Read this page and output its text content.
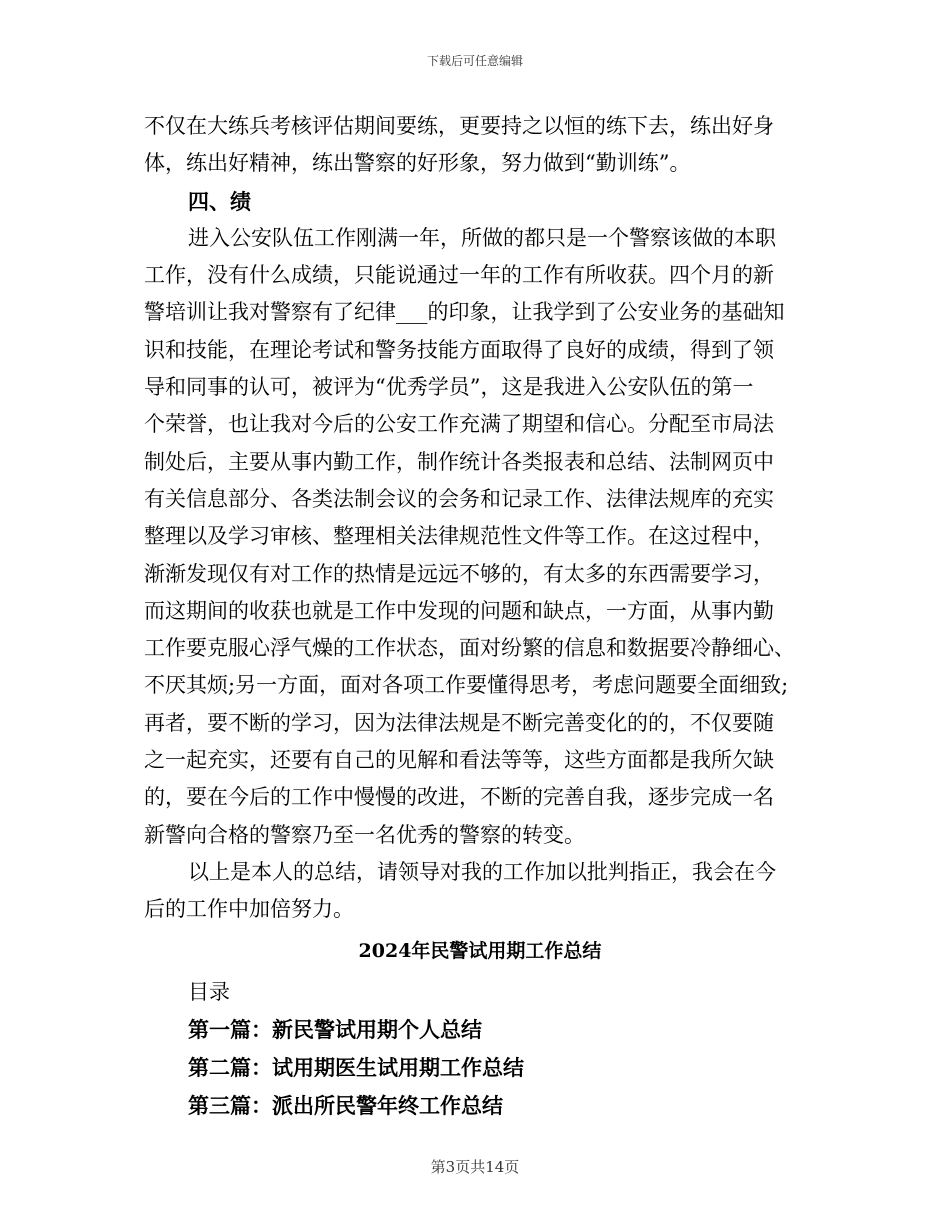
下载后可任意编辑
不仅在大练兵考核评估期间要练，更要持之以恒的练下去，练出好身
体，练出好精神，练出警察的好形象，努力做到“勤训练”。
四、绩
进入公安队伍工作刚满一年，所做的都只是一个警察该做的本职
工作，没有什么成绩，只能说通过一年的工作有所收获。四个月的新
警培训让我对警察有了纪律___的印象，让我学到了公安业务的基础知
识和技能，在理论考试和警务技能方面取得了良好的成绩，得到了领
导和同事的认可，被评为“优秀学员”，这是我进入公安队伍的第一
个荣誉，也让我对今后的公安工作充满了期望和信心。分配至市局法
制处后，主要从事内勤工作，制作统计各类报表和总结、法制网页中
有关信息部分、各类法制会议的会务和记录工作、法律法规库的充实
整理以及学习审核、整理相关法律规范性文件等工作。在这过程中，
渐渐发现仅有对工作的热情是远远不够的，有太多的东西需要学习，
而这期间的收获也就是工作中发现的问题和缺点，一方面，从事内勤
工作要克服心浮气燥的工作状态，面对纷繁的信息和数据要冷静细心、
不厌其烦;另一方面，面对各项工作要懂得思考，考虑问题要全面细致;
再者，要不断的学习，因为法律法规是不断完善变化的的，不仅要随
之一起充实，还要有自己的见解和看法等等，这些方面都是我所欠缺
的，要在今后的工作中慢慢的改进，不断的完善自我，逐步完成一名
新警向合格的警察乃至一名优秀的警察的转变。
以上是本人的总结，请领导对我的工作加以批判指正，我会在今
后的工作中加倍努力。
2024年民警试用期工作总结
目录
第一篇：新民警试用期个人总结
第二篇：试用期医生试用期工作总结
第三篇：派出所民警年终工作总结
第3页共14页
